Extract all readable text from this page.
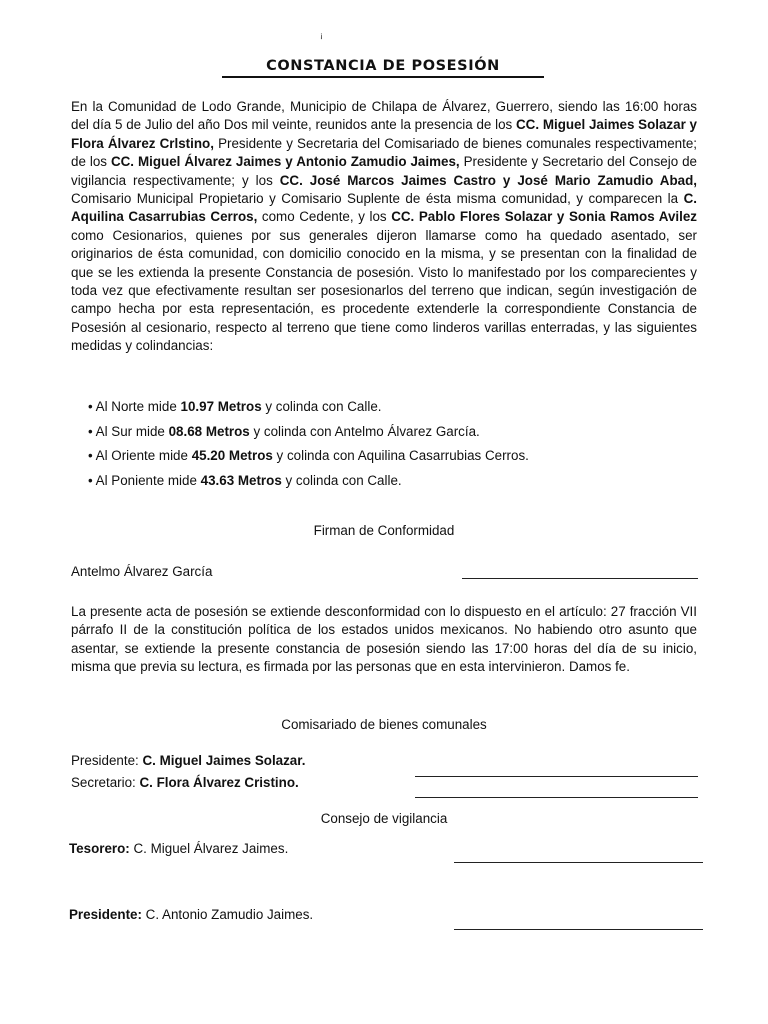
¡
CONSTANCIA DE POSESIÓN

En la Comunidad de Lodo Grande, Municipio de Chilapa de Álvarez, Guerrero, siendo las 16:00 horas del día 5 de Julio del año Dos mil veinte, reunidos ante la presencia de los CC. Miguel Jaimes Solazar y Flora Álvarez Crlstino, Presidente y Secretaria del Comisariado de bienes comunales respectivamente; de los CC. Miguel Álvarez Jaimes y Antonio Zamudio Jaimes, Presidente y Secretario del Consejo de vigilancia respectivamente; y los CC. José Marcos Jaimes Castro y José Mario Zamudio Abad, Comisario Municipal Propietario y Comisario Suplente de ésta misma comunidad, y comparecen la C. Aquilina Casarrubias Cerros, como Cedente, y los CC. Pablo Flores Solazar y Sonia Ramos Avilez como Cesionarios, quienes por sus generales dijeron llamarse como ha quedado asentado, ser originarios de ésta comunidad, con domicilio conocido en la misma, y se presentan con la finalidad de que se les extienda la presente Constancia de posesión. Visto lo manifestado por los comparecientes y toda vez que efectivamente resultan ser posesionarlos del terreno que indican, según investigación de campo hecha por esta representación, es procedente extenderle la correspondiente Constancia de Posesión al cesionario, respecto al terreno que tiene como linderos varillas enterradas, y las siguientes medidas y colindancias:

• Al Norte mide 10.97 Metros y colinda con Calle.
• Al Sur mide 08.68 Metros y colinda con Antelmo Álvarez García.
• Al Oriente mide 45.20 Metros y colinda con Aquilina Casarrubias Cerros.
• Al Poniente mide 43.63 Metros y colinda con Calle.
Firman de Conformidad
Antelmo Álvarez García

La presente acta de posesión se extiende desconformidad con lo dispuesto en el artículo: 27 fracción VII párrafo II de la constitución política de los estados unidos mexicanos. No habiendo otro asunto que asentar, se extiende la presente constancia de posesión siendo las 17:00 horas del día de su inicio, misma que previa su lectura, es firmada por las personas que en esta intervinieron. Damos fe.

Comisariado de bienes comunales
Presidente: C. Miguel Jaimes Solazar.
Secretario: C. Flora Álvarez Cristino.
Consejo de vigilancia
Tesorero: C. Miguel Álvarez Jaimes.
Presidente: C. Antonio Zamudio Jaimes.
